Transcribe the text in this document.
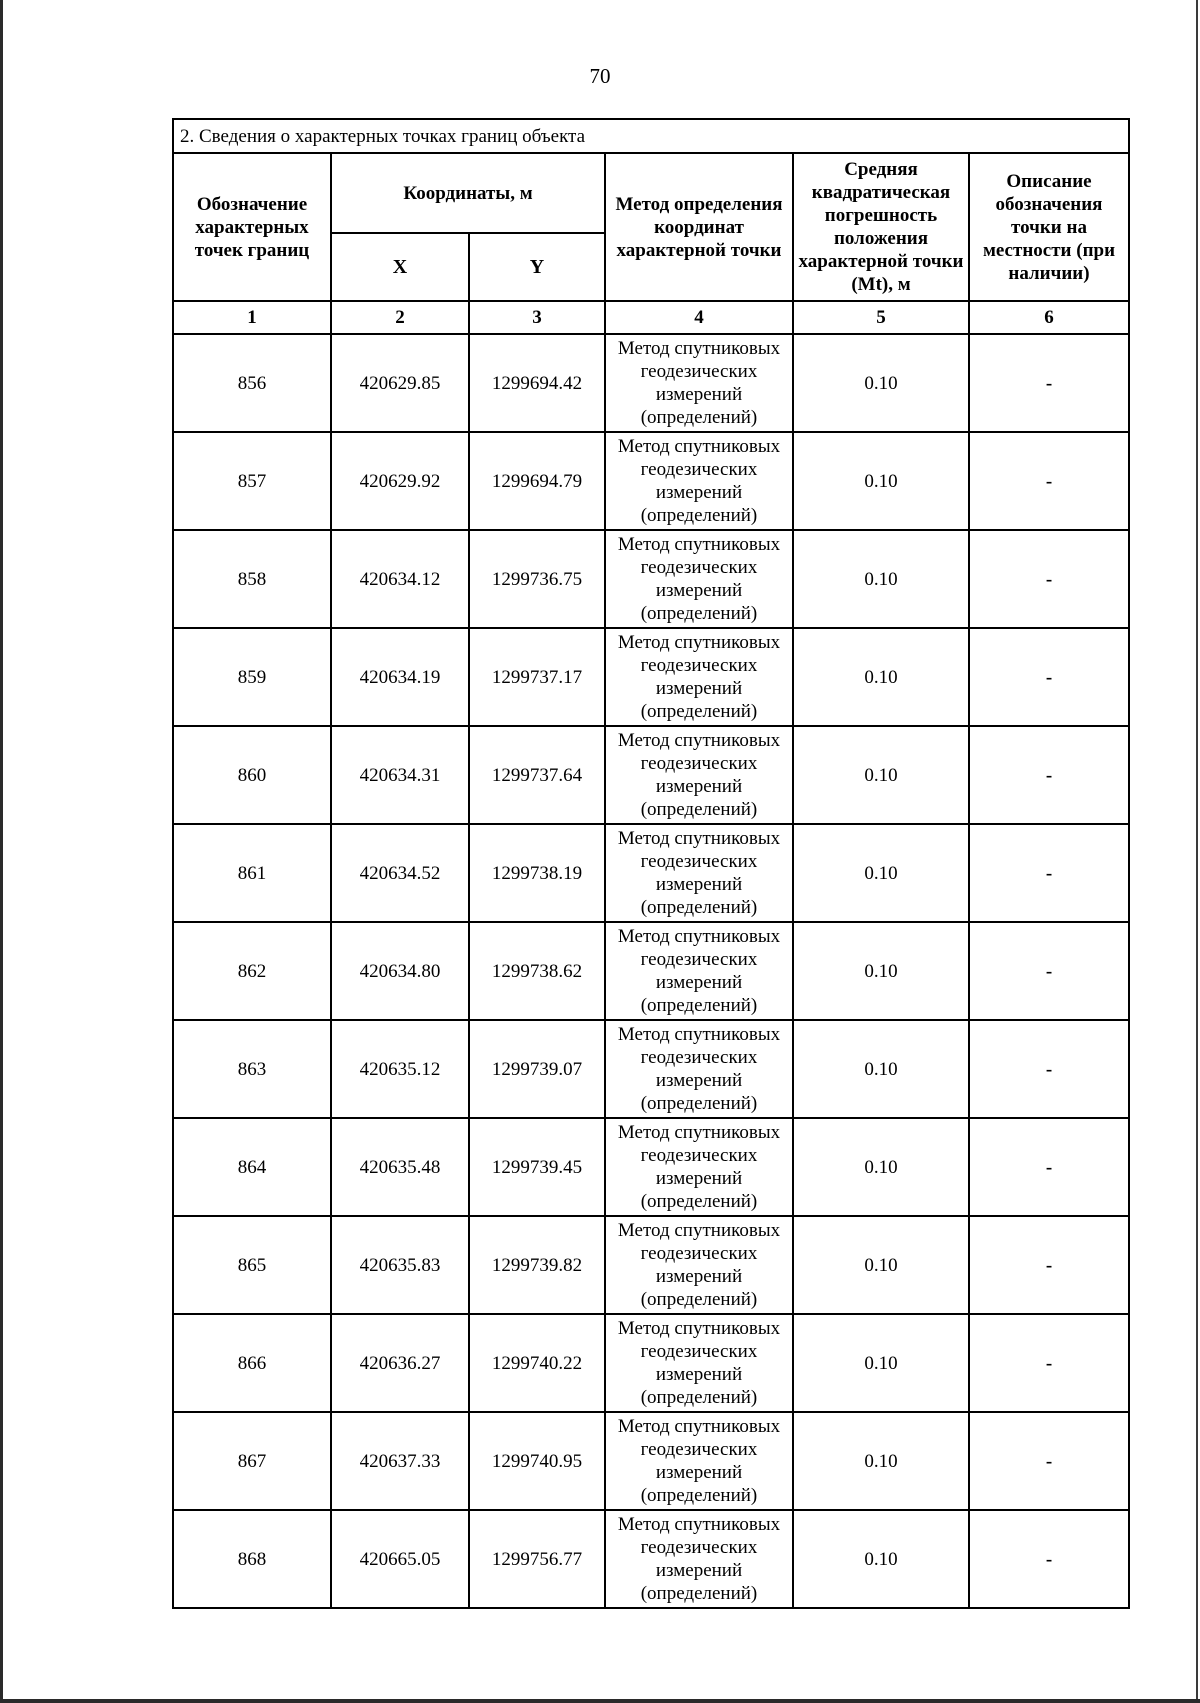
70
2. Сведения о характерных точках границ объекта					
Обозначение характерных точек границ	Координаты, м		Метод определения координат характерной точки	Средняя квадратическая погрешность положения характерной точки (Mt), м	Описание обозначения точки на местности (при наличии)
	X	Y			
1	2	3	4	5	6
856	420629.85	1299694.42	Метод спутниковых геодезических измерений (определений)	0.10	-
857	420629.92	1299694.79	Метод спутниковых геодезических измерений (определений)	0.10	-
858	420634.12	1299736.75	Метод спутниковых геодезических измерений (определений)	0.10	-
859	420634.19	1299737.17	Метод спутниковых геодезических измерений (определений)	0.10	-
860	420634.31	1299737.64	Метод спутниковых геодезических измерений (определений)	0.10	-
861	420634.52	1299738.19	Метод спутниковых геодезических измерений (определений)	0.10	-
862	420634.80	1299738.62	Метод спутниковых геодезических измерений (определений)	0.10	-
863	420635.12	1299739.07	Метод спутниковых геодезических измерений (определений)	0.10	-
864	420635.48	1299739.45	Метод спутниковых геодезических измерений (определений)	0.10	-
865	420635.83	1299739.82	Метод спутниковых геодезических измерений (определений)	0.10	-
866	420636.27	1299740.22	Метод спутниковых геодезических измерений (определений)	0.10	-
867	420637.33	1299740.95	Метод спутниковых геодезических измерений (определений)	0.10	-
868	420665.05	1299756.77	Метод спутниковых геодезических измерений (определений)	0.10	-
